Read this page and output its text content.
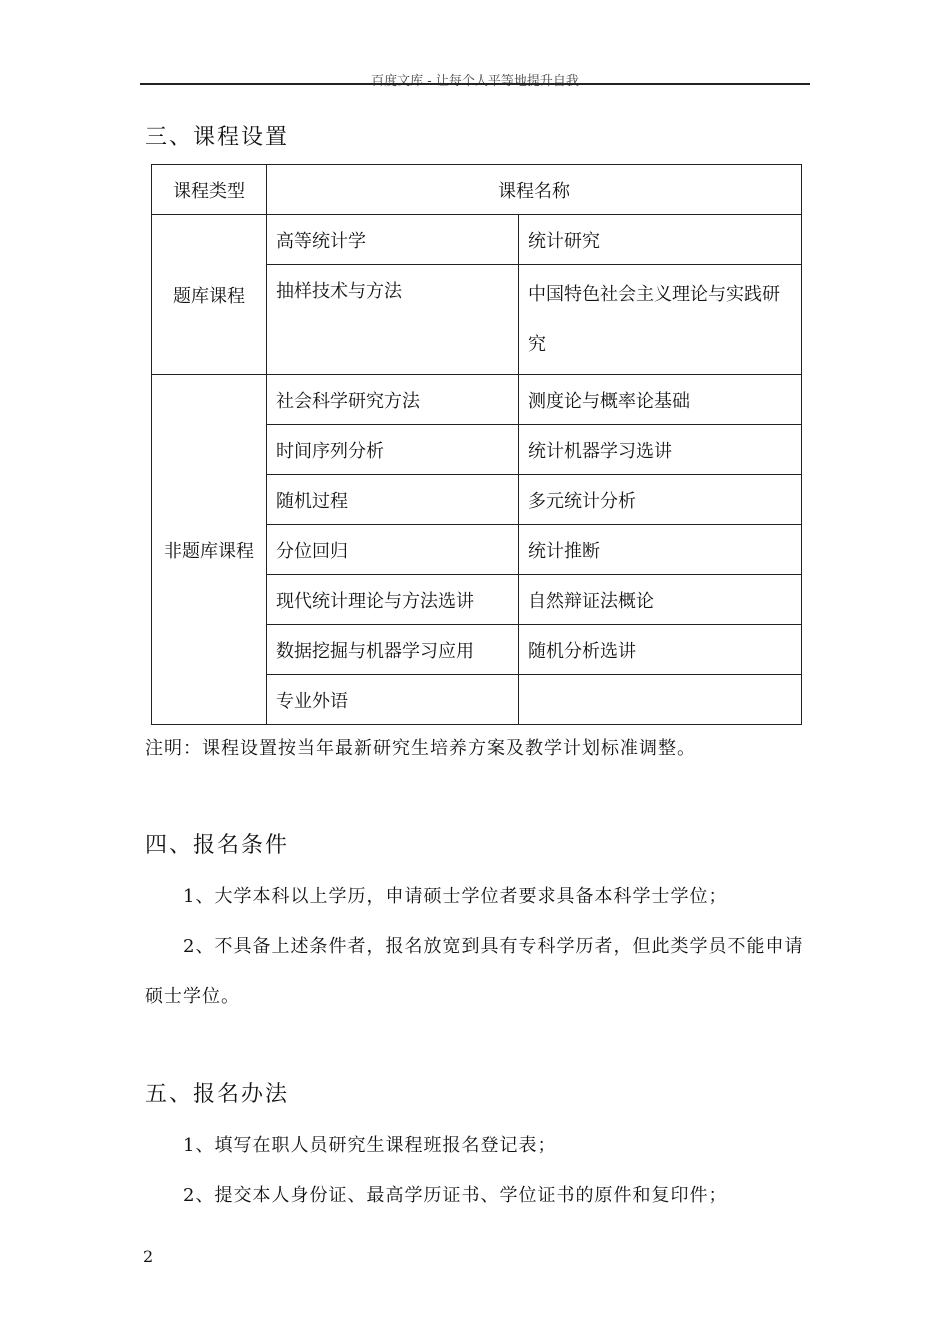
百度文库 - 让每个人平等地提升自我
三、课程设置
课程类型	课程名称	
题库课程	高等统计学	统计研究
	抽样技术与方法	中国特色社会主义理论与实践研究
非题库课程	社会科学研究方法	测度论与概率论基础
	时间序列分析	统计机器学习选讲
	随机过程	多元统计分析
	分位回归	统计推断
	现代统计理论与方法选讲	自然辩证法概论
	数据挖掘与机器学习应用	随机分析选讲
	专业外语	
注明：课程设置按当年最新研究生培养方案及教学计划标准调整。
四、报名条件
1、大学本科以上学历，申请硕士学位者要求具备本科学士学位；
2、不具备上述条件者，报名放宽到具有专科学历者，但此类学员不能申请
硕士学位。
五、报名办法
1、填写在职人员研究生课程班报名登记表；
2、提交本人身份证、最高学历证书、学位证书的原件和复印件；
2
